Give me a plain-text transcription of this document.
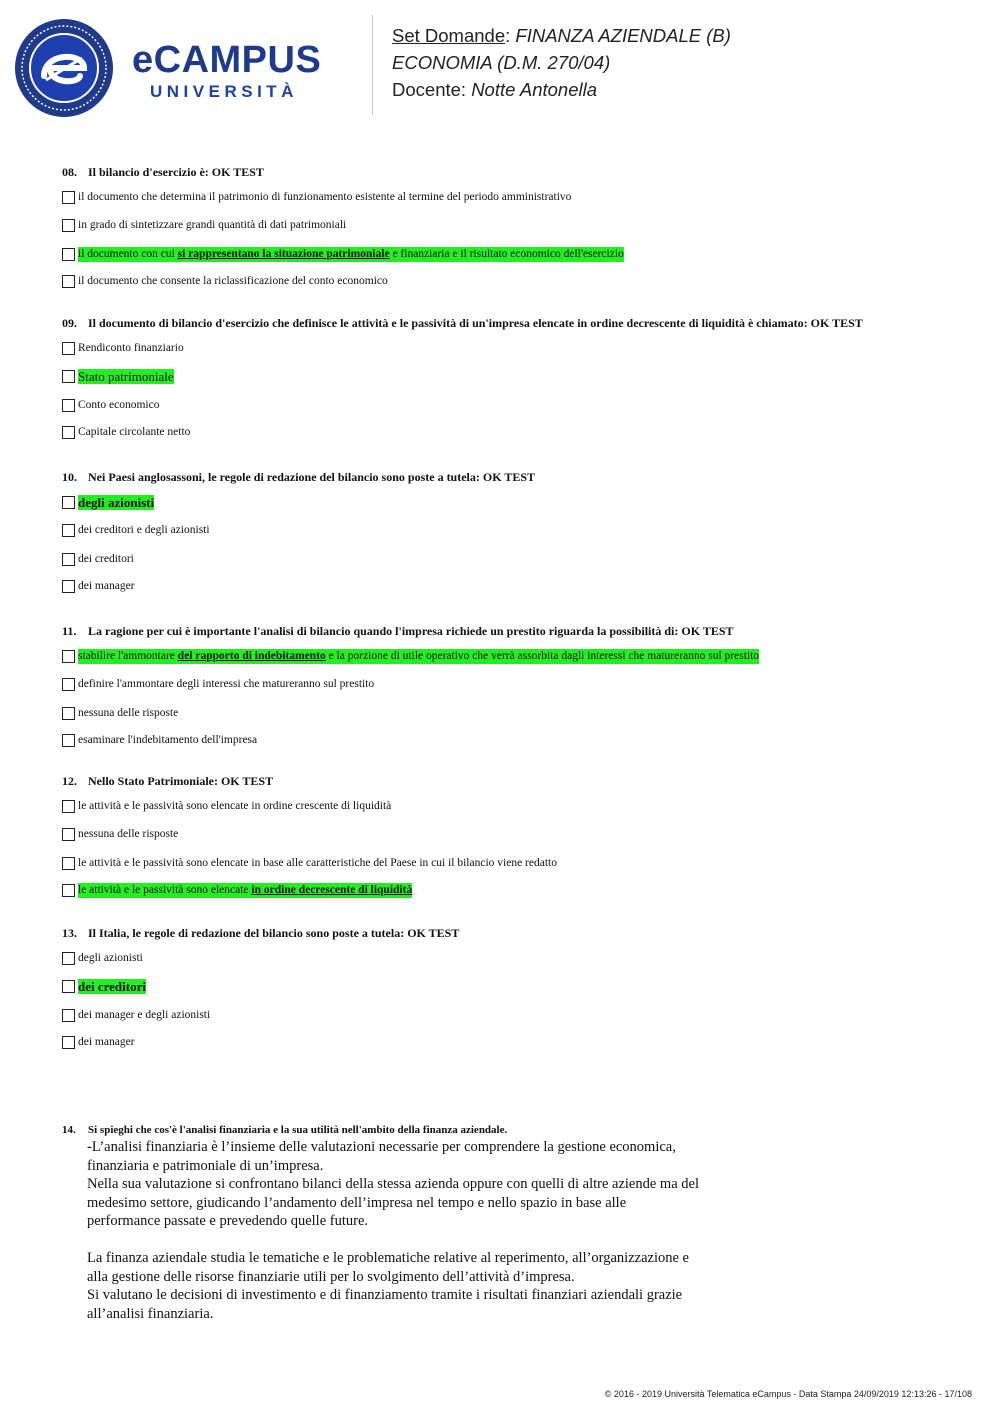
eCAMPUS
UNIVERSITÀ
Set Domande: FINANZA AZIENDALE (B)
ECONOMIA (D.M. 270/04)
Docente: Notte Antonella
08. Il bilancio d'esercizio è: OK TEST
il documento che determina il patrimonio di funzionamento esistente al termine del periodo amministrativo
in grado di sintetizzare grandi quantità di dati patrimoniali
il documento con cui si rappresentano la situazione patrimoniale e finanziaria e il risultato economico dell'esercizio
il documento che consente la riclassificazione del conto economico
09. Il documento di bilancio d'esercizio che definisce le attività e le passività di un'impresa elencate in ordine decrescente di liquidità è chiamato: OK TEST
Rendiconto finanziario
Stato patrimoniale
Conto economico
Capitale circolante netto
10. Nei Paesi anglosassoni, le regole di redazione del bilancio sono poste a tutela: OK TEST
degli azionisti
dei creditori e degli azionisti
dei creditori
dei manager
11. La ragione per cui è importante l'analisi di bilancio quando l'impresa richiede un prestito riguarda la possibilità di: OK TEST
stabilire l'ammontare del rapporto di indebitamento e la porzione di utile operativo che verrà assorbita dagli interessi che matureranno sul prestito
definire l'ammontare degli interessi che matureranno sul prestito
nessuna delle risposte
esaminare l'indebitamento dell'impresa
12. Nello Stato Patrimoniale: OK TEST
le attività e le passività sono elencate in ordine crescente di liquidità
nessuna delle risposte
le attività e le passività sono elencate in base alle caratteristiche del Paese in cui il bilancio viene redatto
le attività e le passività sono elencate in ordine decrescente di liquidità
13. Il Italia, le regole di redazione del bilancio sono poste a tutela: OK TEST
degli azionisti
dei creditori
dei manager e degli azionisti
dei manager
14. Si spieghi che cos'è l'analisi finanziaria e la sua utilità nell'ambito della finanza aziendale.
-L’analisi finanziaria è l’insieme delle valutazioni necessarie per comprendere la gestione economica,
finanziaria e patrimoniale di un’impresa.
Nella sua valutazione si confrontano bilanci della stessa azienda oppure con quelli di altre aziende ma del
medesimo settore, giudicando l’andamento dell’impresa nel tempo e nello spazio in base alle
performance passate e prevedendo quelle future.
La finanza aziendale studia le tematiche e le problematiche relative al reperimento, all’organizzazione e
alla gestione delle risorse finanziarie utili per lo svolgimento dell’attività d’impresa.
Si valutano le decisioni di investimento e di finanziamento tramite i risultati finanziari aziendali grazie
all’analisi finanziaria.
© 2016 - 2019 Università Telematica eCampus - Data Stampa 24/09/2019 12:13:26 - 17/108
